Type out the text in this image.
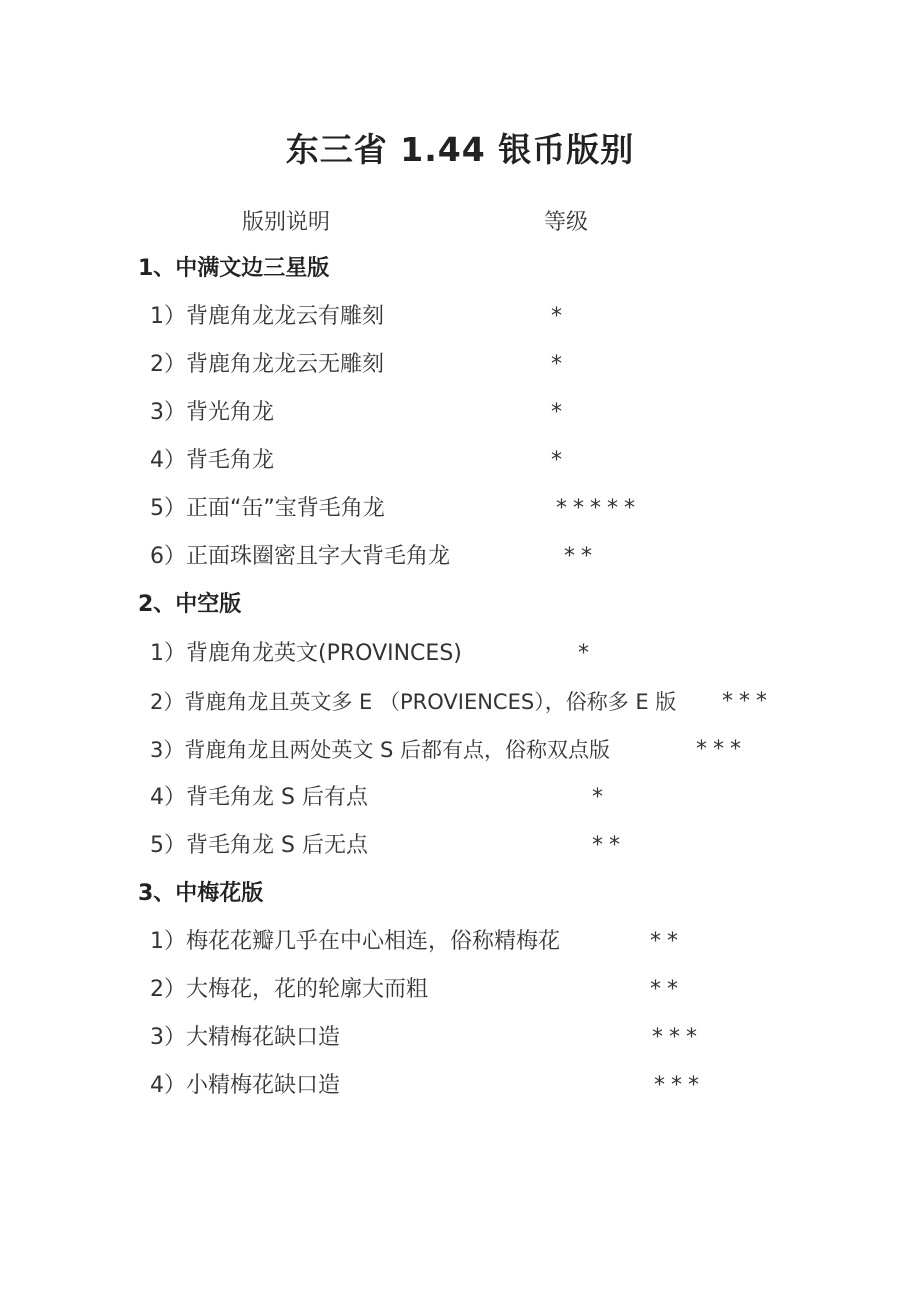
东三省 1.44 银币版别
版别说明	等级
1、中满文边三星版
1）背鹿角龙龙云有雕刻	*
2）背鹿角龙龙云无雕刻	*
3）背光角龙	*
4）背毛角龙	*
5）正面“缶”宝背毛角龙	*****
6）正面珠圈密且字大背毛角龙	**
2、中空版
1）背鹿角龙英文(PROVINCES)	*
2）背鹿角龙且英文多 E （PROVIENCES），俗称多 E 版 ***
3）背鹿角龙且两处英文 S 后都有点，俗称双点版	***
4）背毛角龙 S 后有点	*
5）背毛角龙 S 后无点	**
3、中梅花版
1）梅花花瓣几乎在中心相连，俗称精梅花	**
2）大梅花，花的轮廓大而粗	**
3）大精梅花缺口造	***
4）小精梅花缺口造	***
